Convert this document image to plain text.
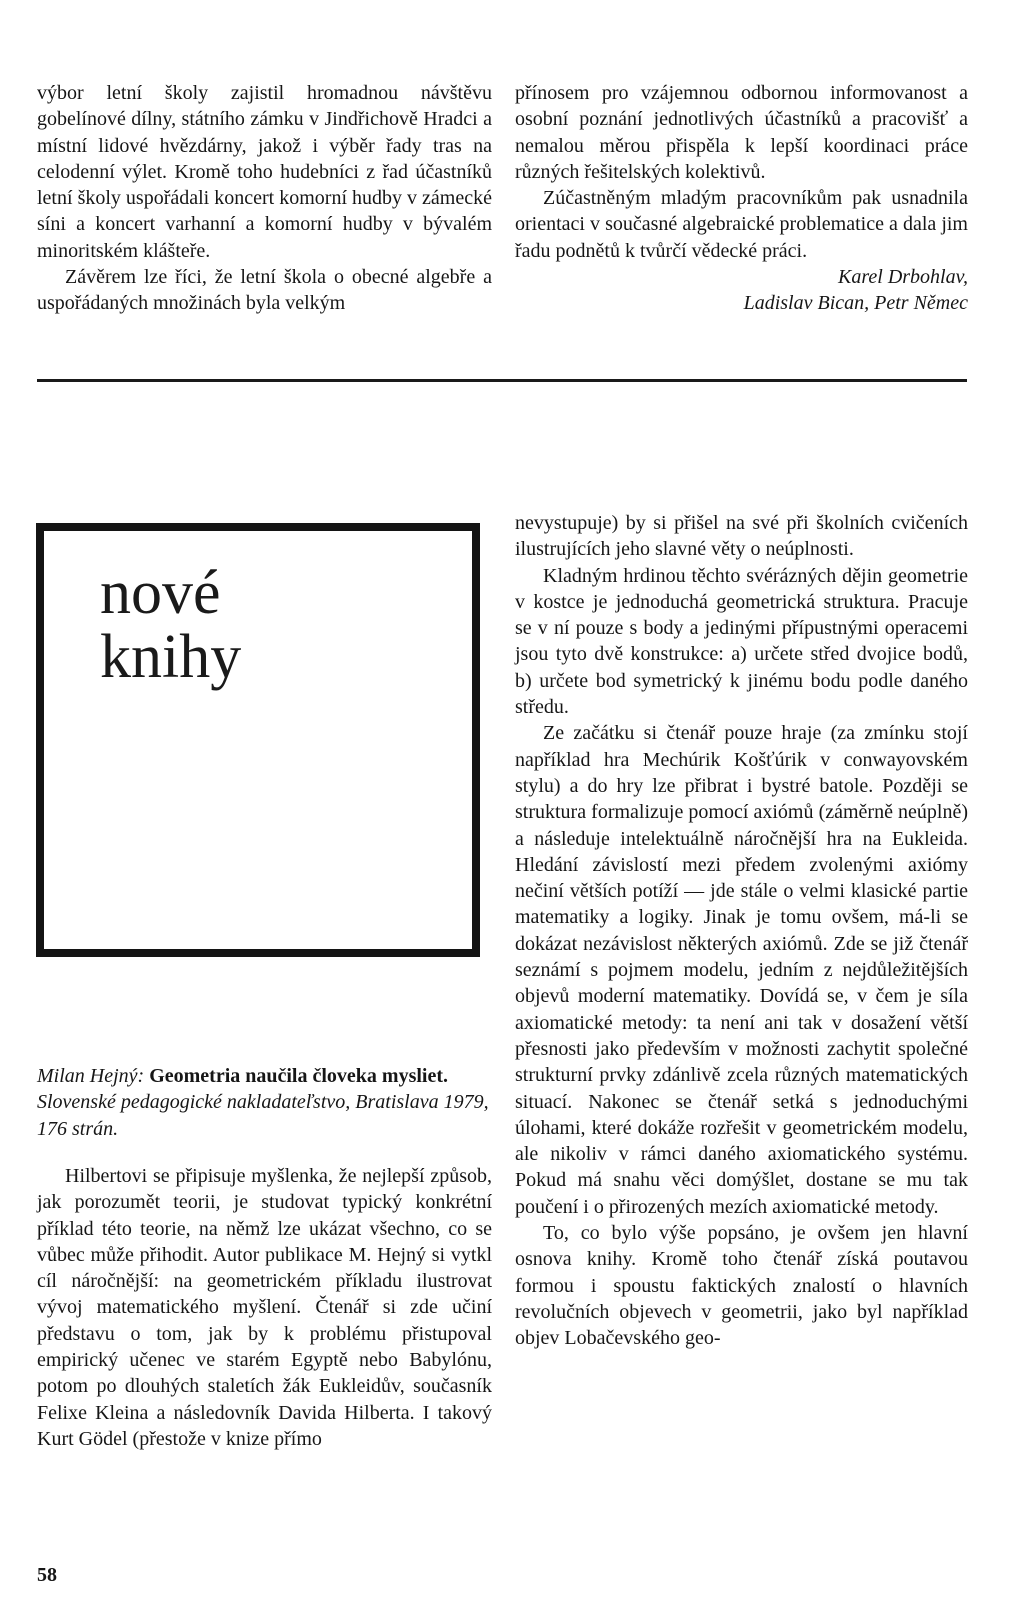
výbor letní školy zajistil hromadnou návštěvu gobelínové dílny, státního zámku v Jindřichově Hradci a místní lidové hvězdárny, jakož i výběr řady tras na celodenní výlet. Kromě toho hudebníci z řad účastníků letní školy uspořádali koncert komorní hudby v zámecké síni a koncert varhanní a komorní hudby v bývalém minoritském klášteře.

Závěrem lze říci, že letní škola o obecné algebře a uspořádaných množinách byla velkým

přínosem pro vzájemnou odbornou informovanost a osobní poznání jednotlivých účastníků a pracovišť a nemalou měrou přispěla k lepší koordinaci práce různých řešitelských kolektivů.

Zúčastněným mladým pracovníkům pak usnadnila orientaci v současné algebraické problematice a dala jim řadu podnětů k tvůrčí vědecké práci.

Karel Drbohlav,
Ladislav Bican, Petr Němec

nové
knihy
Milan Hejný: Geometria naučila človeka mysliet.
Slovenské pedagogické nakladateľstvo, Bratislava 1979, 176 strán.

Hilbertovi se připisuje myšlenka, že nejlepší způsob, jak porozumět teorii, je studovat typický konkrétní příklad této teorie, na němž lze ukázat všechno, co se vůbec může přihodit. Autor publikace M. Hejný si vytkl cíl náročnější: na geometrickém příkladu ilustrovat vývoj matematického myšlení. Čtenář si zde učiní představu o tom, jak by k problému přistupoval empirický učenec ve starém Egyptě nebo Babylónu, potom po dlouhých staletích žák Eukleidův, současník Felixe Kleina a následovník Davida Hilberta. I takový Kurt Gödel (přestože v knize přímo

nevystupuje) by si přišel na své při školních cvičeních ilustrujících jeho slavné věty o neúplnosti.

Kladným hrdinou těchto svérázných dějin geometrie v kostce je jednoduchá geometrická struktura. Pracuje se v ní pouze s body a jedinými přípustnými operacemi jsou tyto dvě konstrukce: a) určete střed dvojice bodů, b) určete bod symetrický k jinému bodu podle daného středu.

Ze začátku si čtenář pouze hraje (za zmínku stojí například hra Mechúrik Košťúrik v conwayovském stylu) a do hry lze přibrat i bystré batole. Později se struktura formalizuje pomocí axiómů (záměrně neúplně) a následuje intelektuálně náročnější hra na Eukleida. Hledání závislostí mezi předem zvolenými axiómy nečiní větších potíží — jde stále o velmi klasické partie matematiky a logiky. Jinak je tomu ovšem, má-li se dokázat nezávislost některých axiómů. Zde se již čtenář seznámí s pojmem modelu, jedním z nejdůležitějších objevů moderní matematiky. Dovídá se, v čem je síla axiomatické metody: ta není ani tak v dosažení větší přesnosti jako především v možnosti zachytit společné strukturní prvky zdánlivě zcela různých matematických situací. Nakonec se čtenář setká s jednoduchými úlohami, které dokáže rozřešit v geometrickém modelu, ale nikoliv v rámci daného axiomatického systému. Pokud má snahu věci domýšlet, dostane se mu tak poučení i o přirozených mezích axiomatické metody.

To, co bylo výše popsáno, je ovšem jen hlavní osnova knihy. Kromě toho čtenář získá poutavou formou i spoustu faktických znalostí o hlavních revolučních objevech v geometrii, jako byl například objev Lobačevského geo-

58
